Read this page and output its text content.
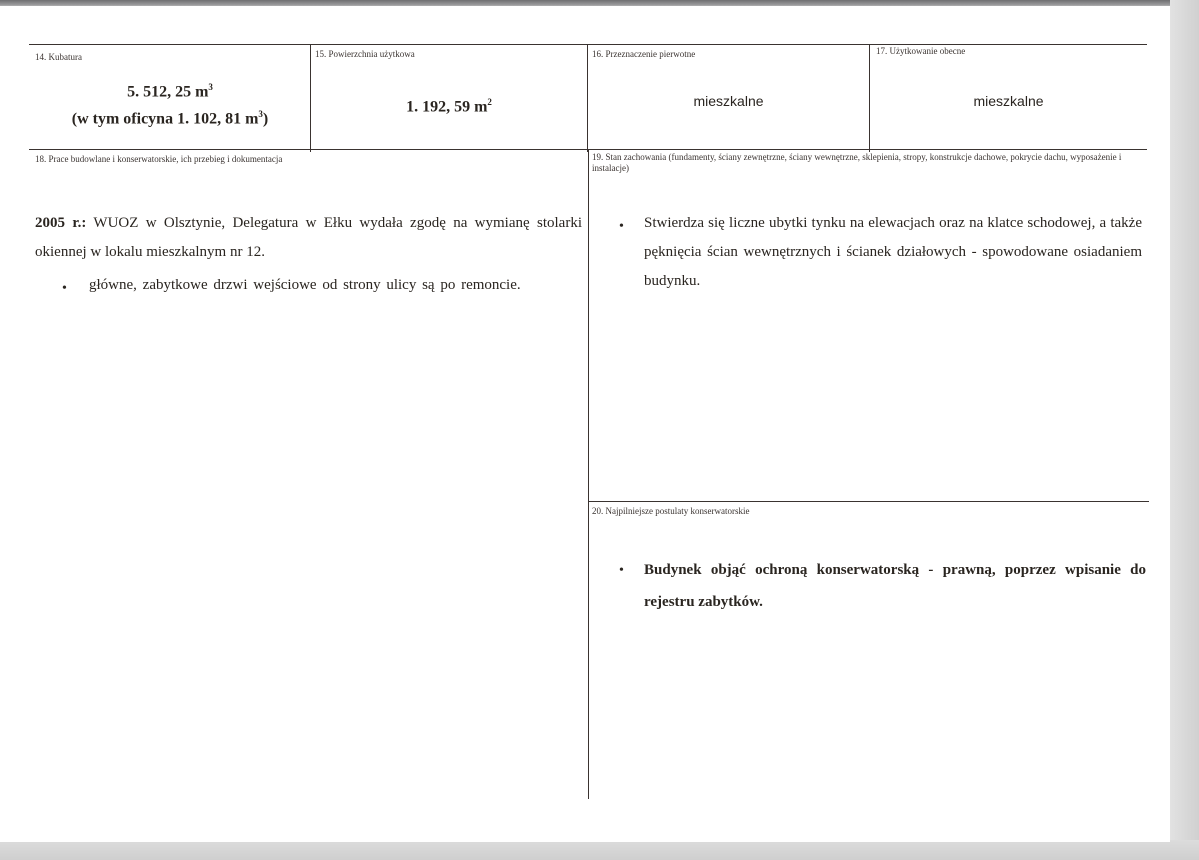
14. Kubatura
5. 512, 25 $m^3$
(w tym oficyna 1. 102, 81 $m^3$)
15. Powierzchnia użytkowa
1. 192, 59 $m^2$
16. Przeznaczenie pierwotne
mieszkalne
17. Użytkowanie obecne
mieszkalne
18. Prace budowlane i konserwatorskie, ich przebieg i dokumentacja
2005 r.: WUOZ w Olsztynie, Delegatura w Ełku wydała zgodę na wymianę stolarki okiennej w lokalu mieszkalnym nr 12.
• główne, zabytkowe drzwi wejściowe od strony ulicy są po remoncie.
19. Stan zachowania (fundamenty, ściany zewnętrzne, ściany wewnętrzne, sklepienia, stropy, konstrukcje dachowe, pokrycie dachu, wyposażenie i instalacje)
• Stwierdza się liczne ubytki tynku na elewacjach oraz na klatce schodowej, a także pęknięcia ścian wewnętrznych i ścianek działowych - spowodowane osiadaniem budynku.
20. Najpilniejsze postulaty konserwatorskie
• Budynek objąć ochroną konserwatorską - prawną, poprzez wpisanie do rejestru zabytków.
